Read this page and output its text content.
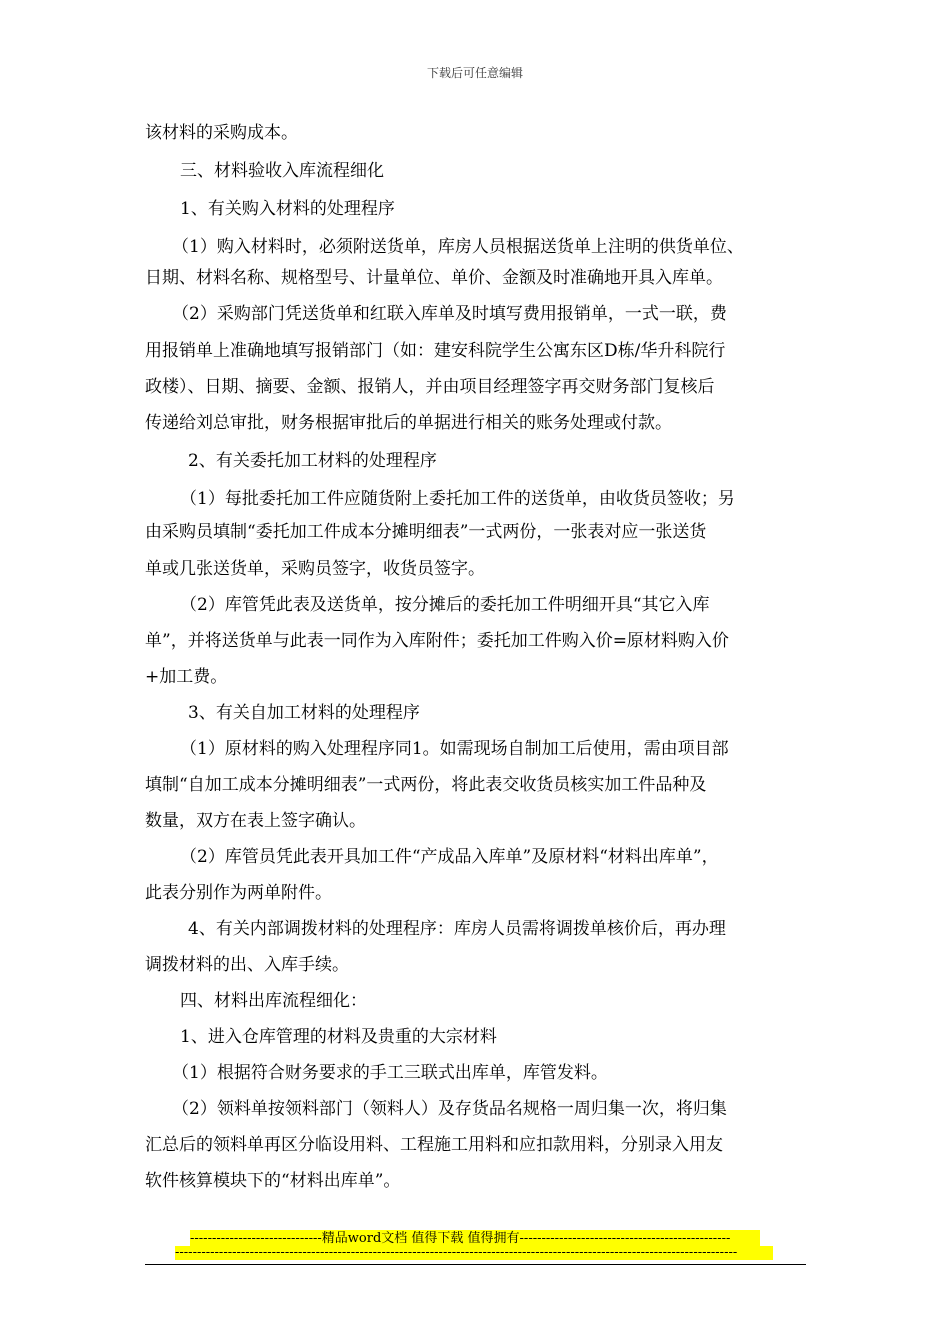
下载后可任意编辑
该材料的采购成本。
三、材料验收入库流程细化
1、有关购入材料的处理程序
（1）购入材料时，必须附送货单，库房人员根据送货单上注明的供货单位、
日期、材料名称、规格型号、计量单位、单价、金额及时准确地开具入库单。
（2）采购部门凭送货单和红联入库单及时填写费用报销单，一式一联，费
用报销单上准确地填写报销部门（如：建安科院学生公寓东区D栋/华升科院行
政楼）、日期、摘要、金额、报销人，并由项目经理签字再交财务部门复核后
传递给刘总审批，财务根据审批后的单据进行相关的账务处理或付款。
2、有关委托加工材料的处理程序
（1）每批委托加工件应随货附上委托加工件的送货单，由收货员签收；另
由采购员填制“委托加工件成本分摊明细表”一式两份，一张表对应一张送货
单或几张送货单，采购员签字，收货员签字。
（2）库管凭此表及送货单，按分摊后的委托加工件明细开具“其它入库
单”，并将送货单与此表一同作为入库附件；委托加工件购入价=原材料购入价
+加工费。
3、有关自加工材料的处理程序
（1）原材料的购入处理程序同1。如需现场自制加工后使用，需由项目部
填制“自加工成本分摊明细表”一式两份，将此表交收货员核实加工件品种及
数量，双方在表上签字确认。
（2）库管员凭此表开具加工件“产成品入库单”及原材料“材料出库单”，
此表分别作为两单附件。
4、有关内部调拨材料的处理程序：库房人员需将调拨单核价后，再办理
调拨材料的出、入库手续。
四、材料出库流程细化：
1、进入仓库管理的材料及贵重的大宗材料
（1）根据符合财务要求的手工三联式出库单，库管发料。
（2）领料单按领料部门（领料人）及存货品名规格一周归集一次，将归集
汇总后的领料单再区分临设用料、工程施工用料和应扣款用料，分别录入用友
软件核算模块下的“材料出库单”。
------------------------------精品word文档 值得下载 值得拥有------------------------------------------------
--------------------------------------------------------------------------------------------------------------------------------
